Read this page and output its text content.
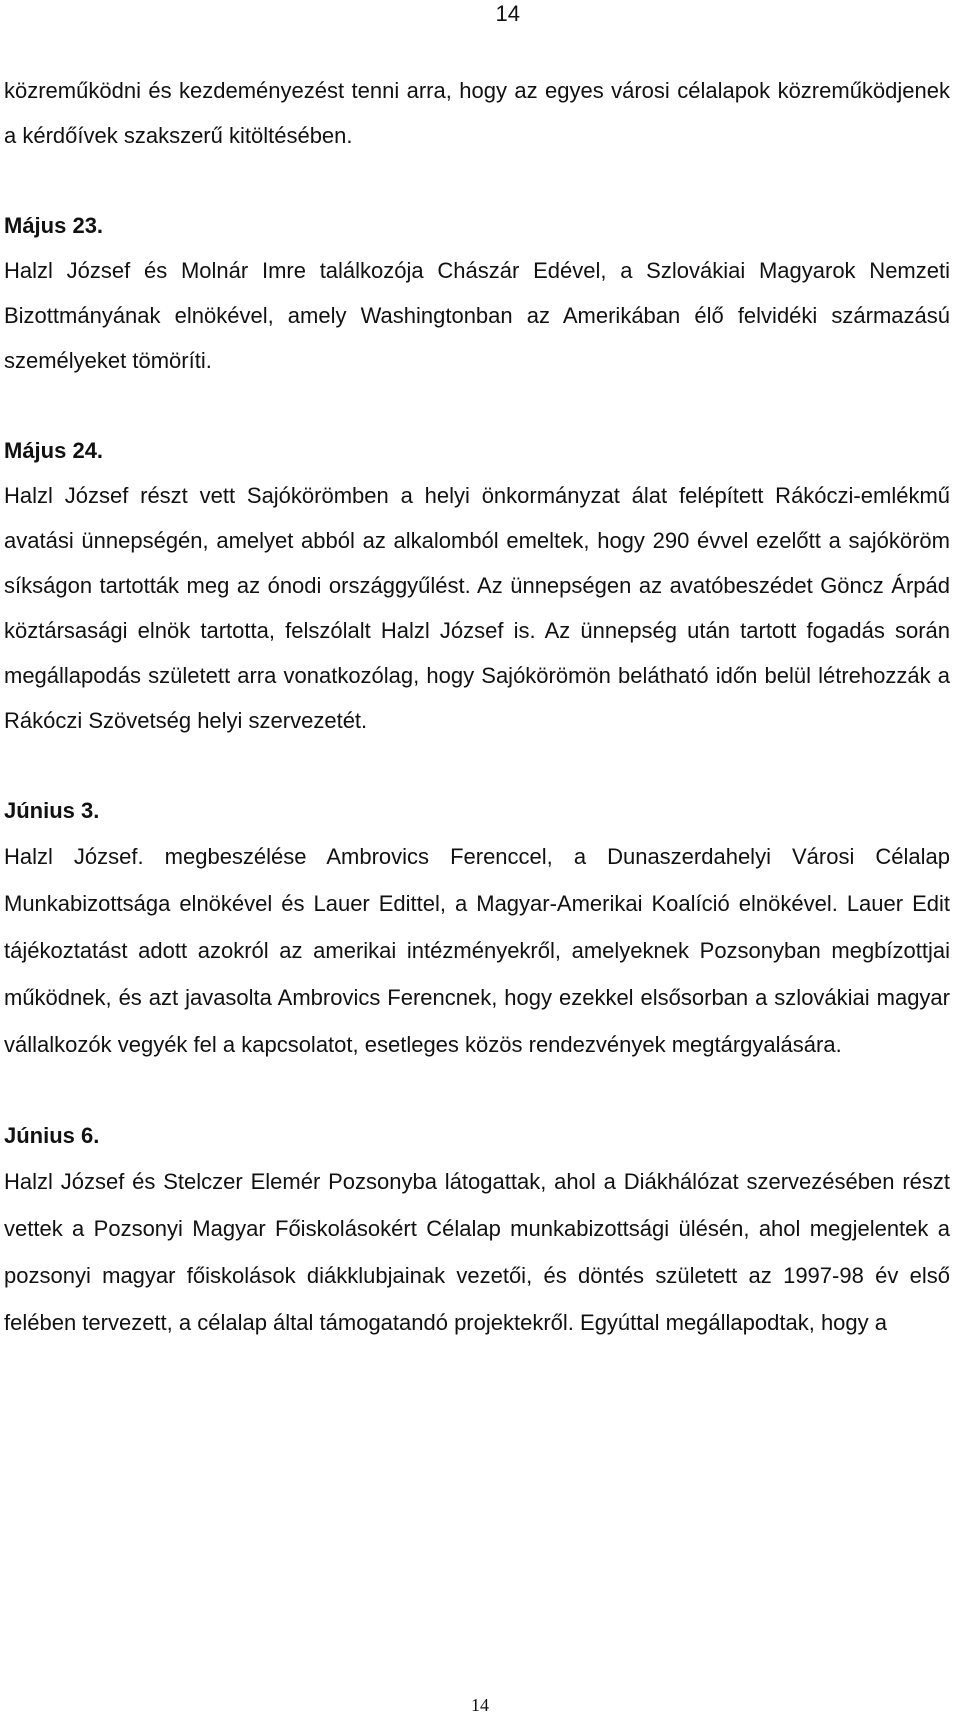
14

közreműködni és kezdeményezést tenni arra, hogy az egyes városi célalapok közreműködjenek a kérdőívek szakszerű kitöltésében.

Május 23.

Halzl József és Molnár Imre találkozója Chászár Edével, a Szlovákiai Magyarok Nemzeti Bizottmányának elnökével, amely Washingtonban az Amerikában élő felvidéki származású személyeket tömöríti.

Május 24.

Halzl József részt vett Sajókörömben a helyi önkormányzat álat felépített Rákóczi-emlékmű avatási ünnepségén, amelyet abból az alkalomból emeltek, hogy 290 évvel ezelőtt a sajóköröm síkságon tartották meg az ónodi országgyűlést. Az ünnepségen az avatóbeszédet Göncz Árpád köztársasági elnök tartotta, felszólalt Halzl József is. Az ünnepség után tartott fogadás során megállapodás született arra vonatkozólag, hogy Sajókörömön belátható időn belül létrehozzák a Rákóczi Szövetség helyi szervezetét.

Június 3.

Halzl József. megbeszélése Ambrovics Ferenccel, a Dunaszerdahelyi Városi Célalap Munkabizottsága elnökével és Lauer Edittel, a Magyar-Amerikai Koalíció elnökével. Lauer Edit tájékoztatást adott azokról az amerikai intézményekről, amelyeknek Pozsonyban megbízottjai működnek, és azt javasolta Ambrovics Ferencnek, hogy ezekkel elsősorban a szlovákiai magyar vállalkozók vegyék fel a kapcsolatot, esetleges közös rendezvények megtárgyalására.

Június 6.

Halzl József és Stelczer Elemér Pozsonyba látogattak, ahol a Diákhálózat szervezésében részt vettek a Pozsonyi Magyar Főiskolásokért Célalap munkabizottsági ülésén, ahol megjelentek a pozsonyi magyar főiskolások diákklubjainak vezetői, és döntés született az 1997-98 év első felében tervezett, a célalap által támogatandó projektekről. Egyúttal megállapodtak, hogy a

14
